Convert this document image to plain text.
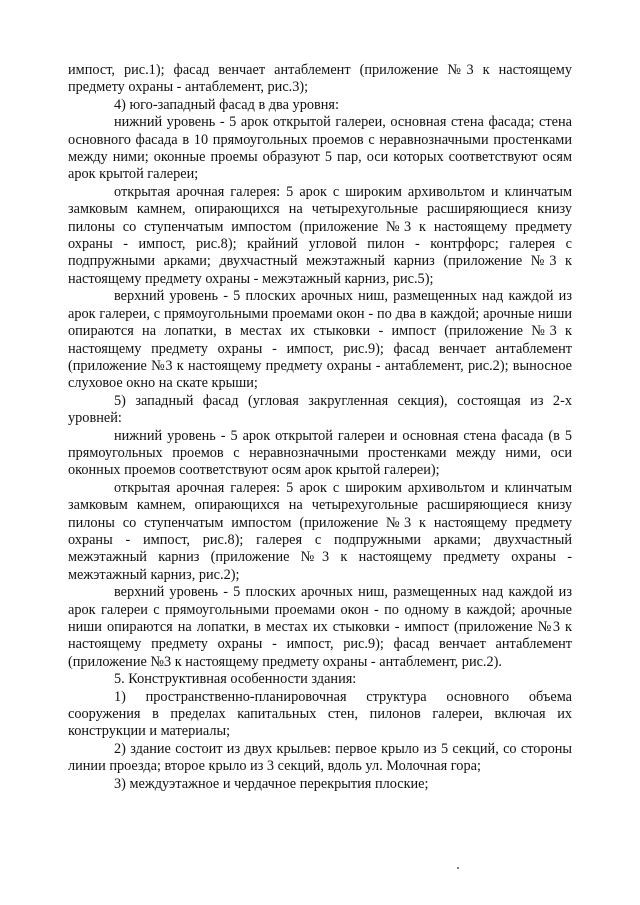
импост, рис.1); фасад венчает антаблемент (приложение №3 к настоящему предмету охраны - антаблемент, рис.3);

4) юго-западный фасад в два уровня:

нижний уровень - 5 арок открытой галереи, основная стена фасада; стена основного фасада в 10 прямоугольных проемов с неравнозначными простенками между ними; оконные проемы образуют 5 пар, оси которых соответствуют осям арок крытой галереи;

открытая арочная галерея: 5 арок с широким архивольтом и клинчатым замковым камнем, опирающихся на четырехугольные расширяющиеся книзу пилоны со ступенчатым импостом (приложение №3 к настоящему предмету охраны - импост, рис.8); крайний угловой пилон - контрфорс; галерея с подпружными арками; двухчастный межэтажный карниз (приложение №3 к настоящему предмету охраны - межэтажный карниз, рис.5);

верхний уровень - 5 плоских арочных ниш, размещенных над каждой из арок галереи, с прямоугольными проемами окон - по два в каждой; арочные ниши опираются на лопатки, в местах их стыковки - импост (приложение №3 к настоящему предмету охраны - импост, рис.9); фасад венчает антаблемент (приложение №3 к настоящему предмету охраны - антаблемент, рис.2); выносное слуховое окно на скате крыши;

5) западный фасад (угловая закругленная секция), состоящая из 2-х уровней:

нижний уровень - 5 арок открытой галереи и основная стена фасада (в 5 прямоугольных проемов с неравнозначными простенками между ними, оси оконных проемов соответствуют осям арок крытой галереи);

открытая арочная галерея: 5 арок с широким архивольтом и клинчатым замковым камнем, опирающихся на четырехугольные расширяющиеся книзу пилоны со ступенчатым импостом (приложение №3 к настоящему предмету охраны - импост, рис.8); галерея с подпружными арками; двухчастный межэтажный карниз (приложение №3 к настоящему предмету охраны - межэтажный карниз, рис.2);

верхний уровень - 5 плоских арочных ниш, размещенных над каждой из арок галереи с прямоугольными проемами окон - по одному в каждой; арочные ниши опираются на лопатки, в местах их стыковки - импост (приложение №3 к настоящему предмету охраны - импост, рис.9); фасад венчает антаблемент (приложение №3 к настоящему предмету охраны - антаблемент, рис.2).

5. Конструктивная особенности здания:

1) пространственно-планировочная структура основного объема сооружения в пределах капитальных стен, пилонов галереи, включая их конструкции и материалы;

2) здание состоит из двух крыльев: первое крыло из 5 секций, со стороны линии проезда; второе крыло из 3 секций, вдоль ул. Молочная гора;

3) междуэтажное и чердачное перекрытия плоские;
